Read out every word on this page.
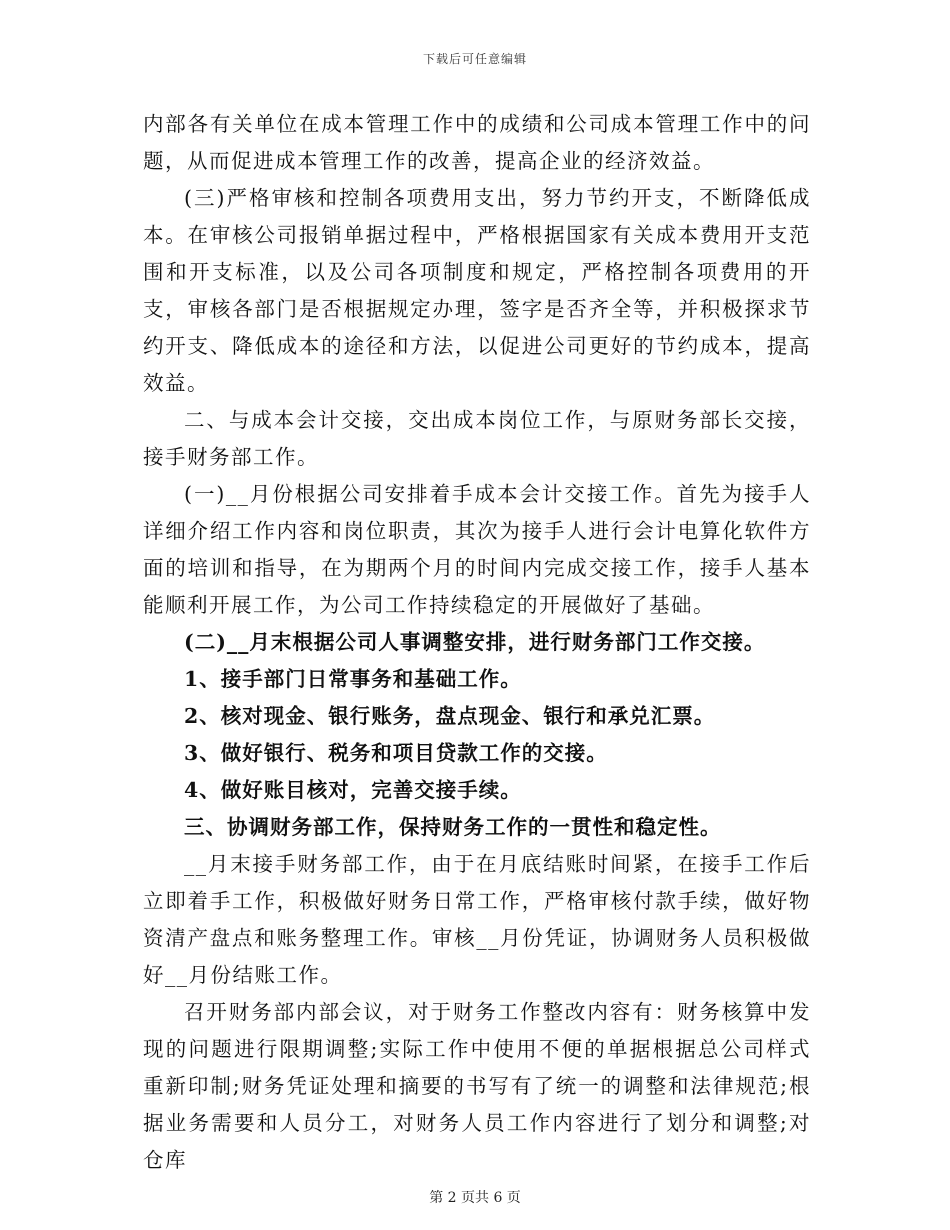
下载后可任意编辑

内部各有关单位在成本管理工作中的成绩和公司成本管理工作中的问题，从而促进成本管理工作的改善，提高企业的经济效益。

(三)严格审核和控制各项费用支出，努力节约开支，不断降低成本。在审核公司报销单据过程中，严格根据国家有关成本费用开支范围和开支标准，以及公司各项制度和规定，严格控制各项费用的开支，审核各部门是否根据规定办理，签字是否齐全等，并积极探求节约开支、降低成本的途径和方法，以促进公司更好的节约成本，提高效益。

二、与成本会计交接，交出成本岗位工作，与原财务部长交接，接手财务部工作。

(一)__月份根据公司安排着手成本会计交接工作。首先为接手人详细介绍工作内容和岗位职责，其次为接手人进行会计电算化软件方面的培训和指导，在为期两个月的时间内完成交接工作，接手人基本能顺利开展工作，为公司工作持续稳定的开展做好了基础。

(二)__月末根据公司人事调整安排，进行财务部门工作交接。

1、接手部门日常事务和基础工作。

2、核对现金、银行账务，盘点现金、银行和承兑汇票。

3、做好银行、税务和项目贷款工作的交接。

4、做好账目核对，完善交接手续。

三、协调财务部工作，保持财务工作的一贯性和稳定性。

__月末接手财务部工作，由于在月底结账时间紧，在接手工作后立即着手工作，积极做好财务日常工作，严格审核付款手续，做好物资清产盘点和账务整理工作。审核__月份凭证，协调财务人员积极做好__月份结账工作。

召开财务部内部会议，对于财务工作整改内容有：财务核算中发现的问题进行限期调整;实际工作中使用不便的单据根据总公司样式重新印制;财务凭证处理和摘要的书写有了统一的调整和法律规范;根据业务需要和人员分工，对财务人员工作内容进行了划分和调整;对仓库

第 2 页共 6 页
